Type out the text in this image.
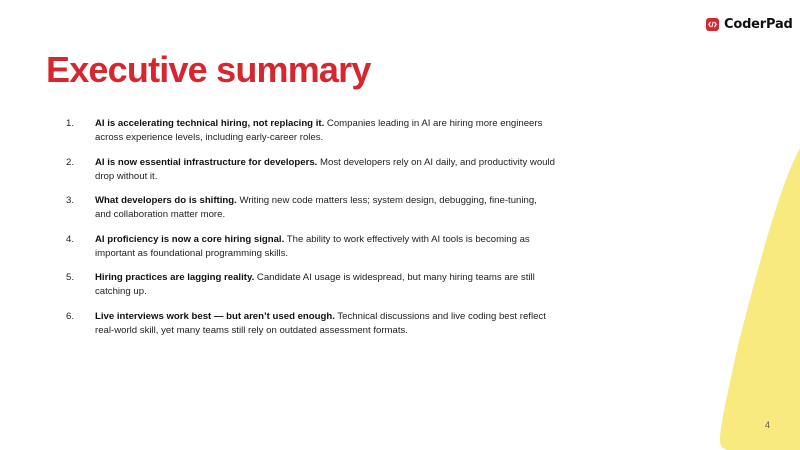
CoderPad
Executive summary
1.	AI is accelerating technical hiring, not replacing it. Companies leading in AI are hiring more engineers across experience levels, including early-career roles.
2.	AI is now essential infrastructure for developers. Most developers rely on AI daily, and productivity would drop without it.
3.	What developers do is shifting. Writing new code matters less; system design, debugging, fine-tuning, and collaboration matter more.
4.	AI proficiency is now a core hiring signal. The ability to work effectively with AI tools is becoming as important as foundational programming skills.
5.	Hiring practices are lagging reality. Candidate AI usage is widespread, but many hiring teams are still catching up.
6.	Live interviews work best — but aren’t used enough. Technical discussions and live coding best reflect real-world skill, yet many teams still rely on outdated assessment formats.
4
